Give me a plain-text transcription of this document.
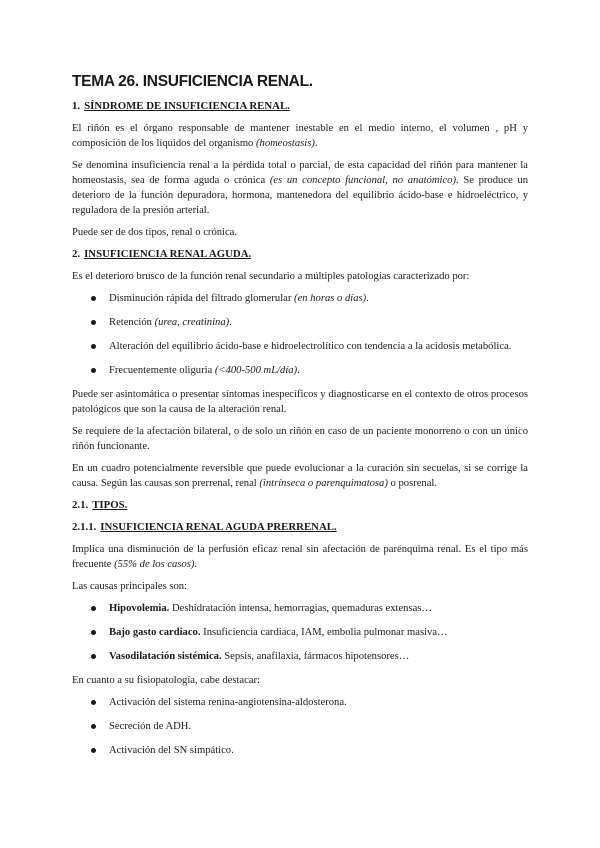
TEMA 26. INSUFICIENCIA RENAL.
1. SÍNDROME DE INSUFICIENCIA RENAL.

El riñón es el órgano responsable de mantener inestable en el medio interno, el volumen , pH y composición de los líquidos del organismo (homeostasis).

Se denomina insuficiencia renal a la pérdida total o parcial, de esta capacidad del riñón para mantener la homeostasis, sea de forma aguda o crónica (es un concepto funcional, no anatómico). Se produce un deterioro de la función depuradora, hormona, mantenedora del equilibrio ácido-base e hidroeléctrico, y reguladora de la presión arterial.

Puede ser de dos tipos, renal o crónica.

2. INSUFICIENCIA RENAL AGUDA.

Es el deterioro brusco de la función renal secundario a múltiples patologías caracterizado por:

Disminución rápida del filtrado glomerular (en horas o días).
Retención (urea, creatinina).
Alteración del equilibrio ácido-base e hidroelectrolítico con tendencia a la acidosis metabólica.
Frecuentemente oliguria (<400-500 mL/día).

Puede ser asintomática o presentar síntomas inespecíficos y diagnosticarse en el contexto de otros procesos patológicos que son la causa de la alteración renal.

Se requiere de la afectación bilateral, o de solo un riñón en caso de un paciente monorreno o con un único riñón funcionante.

En un cuadro potencialmente reversible que puede evolucionar a la curación sin secuelas, si se corrige la causa. Según las causas son prerrenal, renal (intrínseca o parenquimatosa) o posrenal.

2.1. TIPOS.
2.1.1. INSUFICIENCIA RENAL AGUDA PRERRENAL.

Implica una disminución de la perfusión eficaz renal sin afectación de parénquima renal. Es el tipo más frecuente (55% de los casos).

Las causas principales son:

Hipovolemia. Deshidratación intensa, hemorragias, quemaduras extensas…
Bajo gasto cardiaco. Insuficiencia cardiaca, IAM, embolia pulmonar masiva…
Vasodilatación sistémica. Sepsis, anafilaxia, fármacos hipotensores…

En cuanto a su fisiopatología, cabe destacar:

Activación del sistema renina-angiotensina-aldosterona.
Secreción de ADH.
Activación del SN simpático.
